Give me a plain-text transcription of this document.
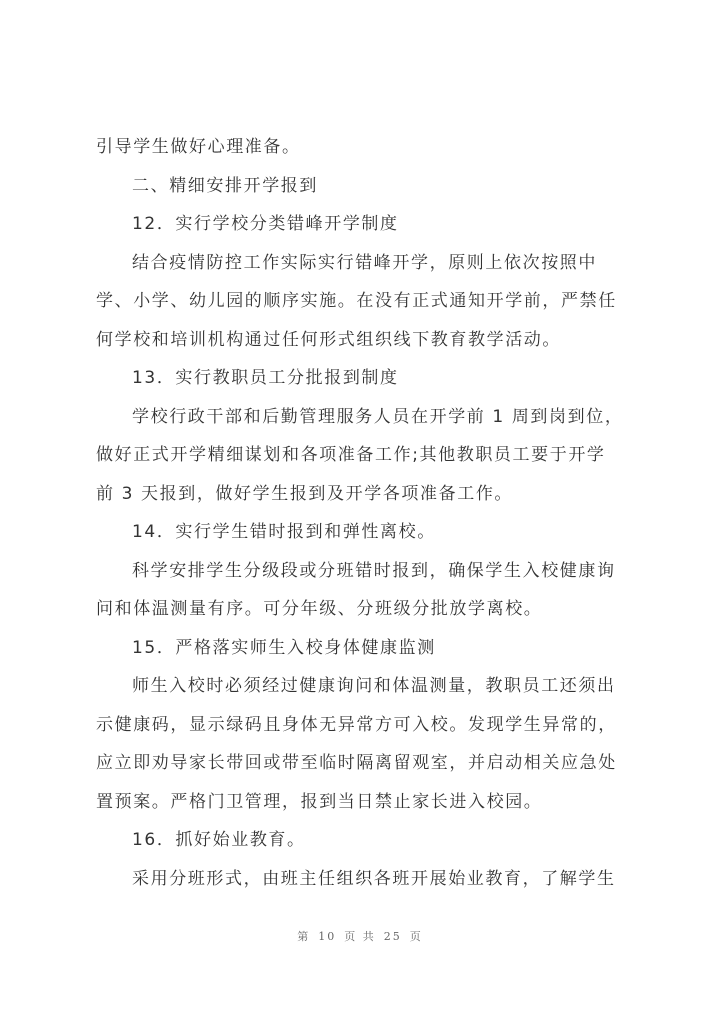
引导学生做好心理准备。
二、精细安排开学报到
12．实行学校分类错峰开学制度
结合疫情防控工作实际实行错峰开学，原则上依次按照中
学、小学、幼儿园的顺序实施。在没有正式通知开学前，严禁任
何学校和培训机构通过任何形式组织线下教育教学活动。
13．实行教职员工分批报到制度
学校行政干部和后勤管理服务人员在开学前 1 周到岗到位，
做好正式开学精细谋划和各项准备工作;其他教职员工要于开学
前 3 天报到，做好学生报到及开学各项准备工作。
14．实行学生错时报到和弹性离校。
科学安排学生分级段或分班错时报到，确保学生入校健康询
问和体温测量有序。可分年级、分班级分批放学离校。
15．严格落实师生入校身体健康监测
师生入校时必须经过健康询问和体温测量，教职员工还须出
示健康码，显示绿码且身体无异常方可入校。发现学生异常的，
应立即劝导家长带回或带至临时隔离留观室，并启动相关应急处
置预案。严格门卫管理，报到当日禁止家长进入校园。
16．抓好始业教育。
采用分班形式，由班主任组织各班开展始业教育，了解学生
第 10 页 共 25 页
